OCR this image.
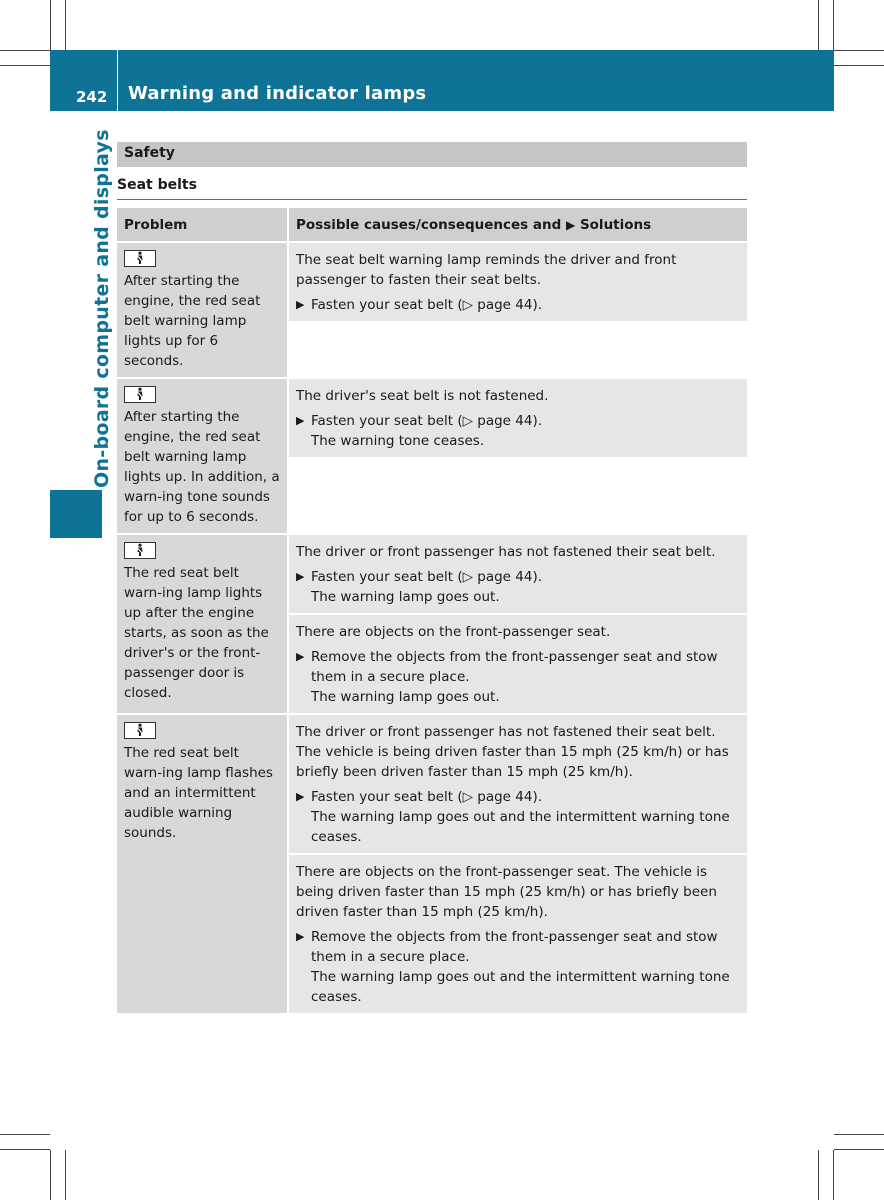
242 Warning and indicator lamps
On-board computer and displays Safety
Seat belts
Problem	Possible causes/consequences and ▶ Solutions
After starting the engine, the red seat belt warning lamp lights up for 6 seconds.
The seat belt warning lamp reminds the driver and front passenger to fasten their seat belts.
▶ Fasten your seat belt (▷ page 44).
After starting the engine, the red seat belt warning lamp lights up. In addition, a warn-ing tone sounds for up to 6 seconds.
The driver's seat belt is not fastened.
▶ Fasten your seat belt (▷ page 44).
The warning tone ceases.
The red seat belt warn-ing lamp lights up after the engine starts, as soon as the driver's or the front-passenger door is closed.
The driver or front passenger has not fastened their seat belt.
▶ Fasten your seat belt (▷ page 44).
The warning lamp goes out.
There are objects on the front-passenger seat.
▶ Remove the objects from the front-passenger seat and stow them in a secure place.
The warning lamp goes out.
The red seat belt warn-ing lamp flashes and an intermittent audible warning sounds.
The driver or front passenger has not fastened their seat belt. The vehicle is being driven faster than 15 mph (25 km/h) or has briefly been driven faster than 15 mph (25 km/h).
▶ Fasten your seat belt (▷ page 44).
The warning lamp goes out and the intermittent warning tone ceases.
There are objects on the front-passenger seat. The vehicle is being driven faster than 15 mph (25 km/h) or has briefly been driven faster than 15 mph (25 km/h).
▶ Remove the objects from the front-passenger seat and stow them in a secure place.
The warning lamp goes out and the intermittent warning tone ceases.
